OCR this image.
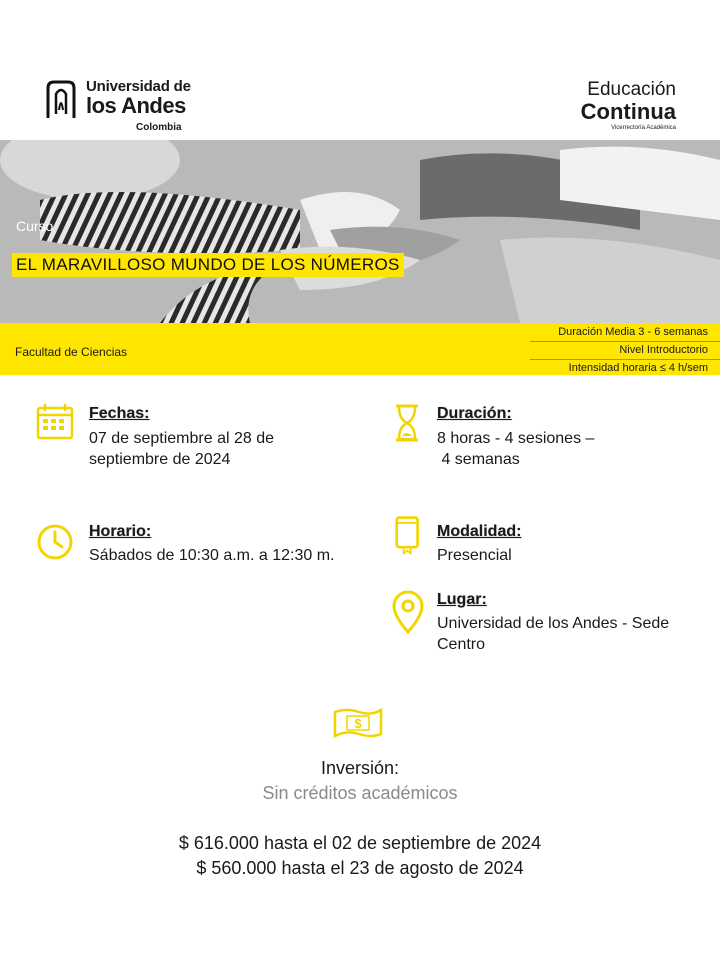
Universidad de
los Andes
Colombia
Educación
Continua
Vicerrectoría Académica
Curso
EL MARAVILLOSO MUNDO DE LOS NÚMEROS
Facultad de Ciencias
Duración Media 3 - 6 semanas
Nivel Introductorio
Intensidad horaria ≤ 4 h/sem
Fechas:
07 de septiembre al 28 de septiembre de 2024
Horario:
Sábados de 10:30 a.m. a 12:30 m.
Duración:
8 horas - 4 sesiones –
4 semanas
Modalidad:
Presencial
Lugar:
Universidad de los Andes - Sede Centro
$
Inversión:
Sin créditos académicos
$ 616.000 hasta el 02 de septiembre de 2024
$ 560.000 hasta el 23 de agosto de 2024
